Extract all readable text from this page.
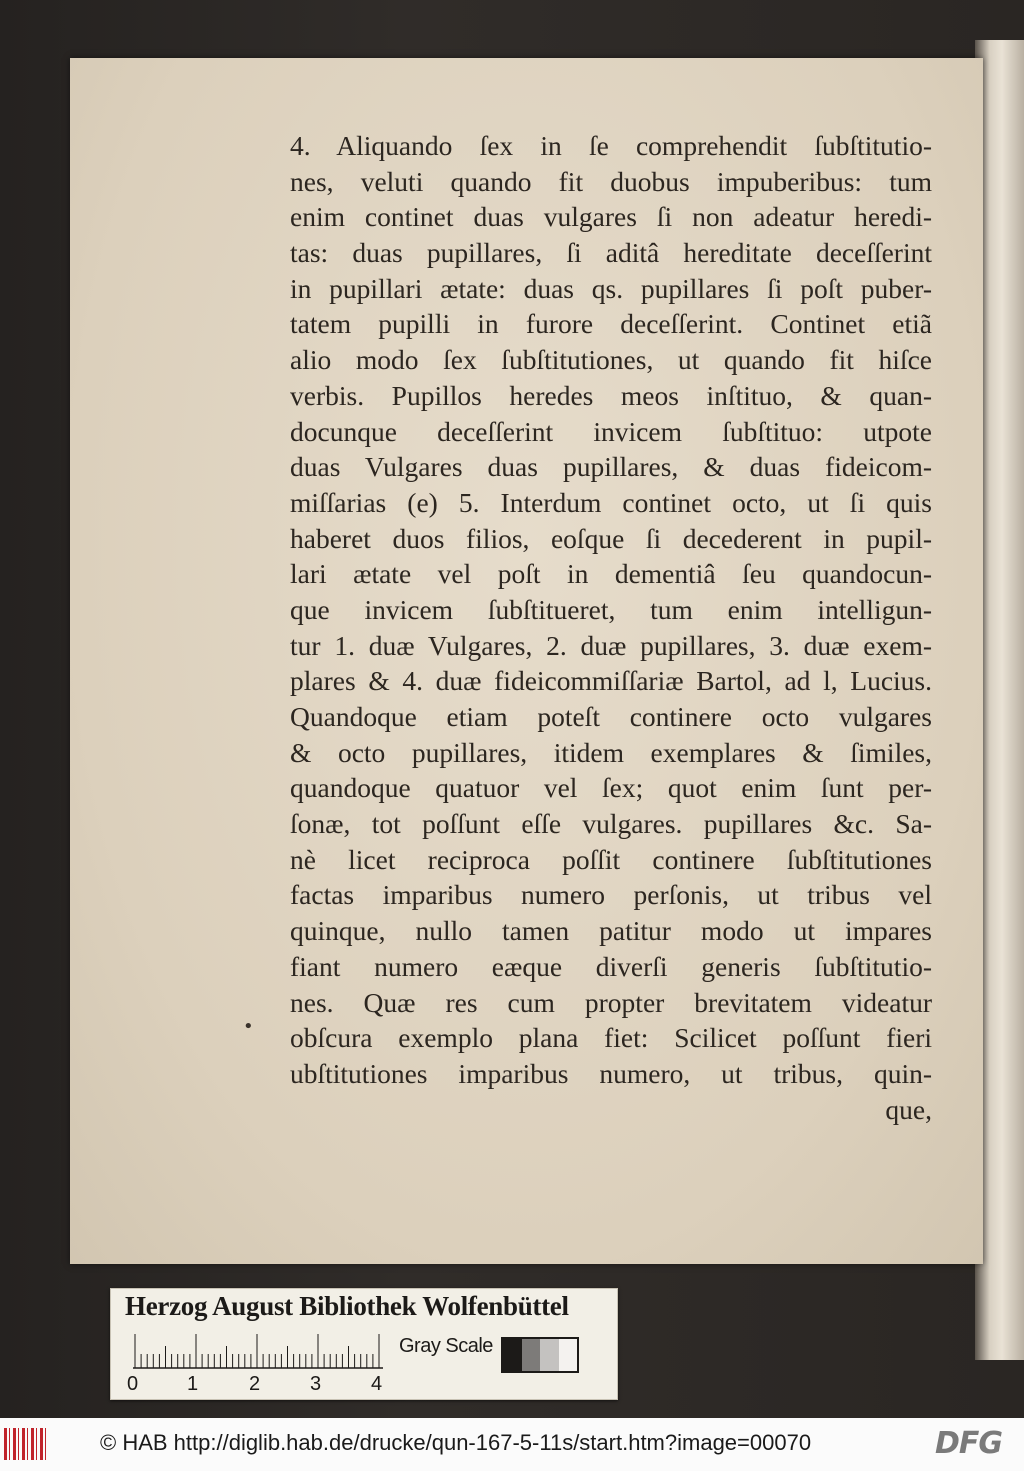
4. Aliquando ſex in ſe comprehendit ſubſtitutio-
nes, veluti quando fit duobus impuberibus: tum
enim continet duas vulgares ſi non adeatur heredi-
tas: duas pupillares, ſi aditâ hereditate deceſſerint
in pupillari ætate: duas qs. pupillares ſi poſt puber-
tatem pupilli in furore deceſſerint. Continet etiã
alio modo ſex ſubſtitutiones, ut quando fit hiſce
verbis. Pupillos heredes meos inſtituo, & quan-
docunque deceſſerint invicem ſubſtituo: utpote
duas Vulgares duas pupillares, & duas fideicom-
miſſarias (e) 5. Interdum continet octo, ut ſi quis
haberet duos filios, eoſque ſi decederent in pupil-
lari ætate vel poſt in dementiâ ſeu quandocun-
que invicem ſubſtitueret, tum enim intelligun-
tur 1. duæ Vulgares, 2. duæ pupillares, 3. duæ exem-
plares & 4. duæ fideicommiſſariæ Bartol, ad l, Lucius.
Quandoque etiam poteſt continere octo vulgares
& octo pupillares, itidem exemplares & ſimiles,
quandoque quatuor vel ſex; quot enim ſunt per-
ſonæ, tot poſſunt eſſe vulgares. pupillares &c. Sa-
nè licet reciproca poſſit continere ſubſtitutiones
factas imparibus numero perſonis, ut tribus vel
quinque, nullo tamen patitur modo ut impares
fiant numero eæque diverſi generis ſubſtitutio-
nes. Quæ res cum propter brevitatem videatur
obſcura exemplo plana fiet: Scilicet poſſunt fieri
ubſtitutiones imparibus numero, ut tribus, quin-
que,
•
Herzog August Bibliothek Wolfenbüttel
0 1	2 3 4
Gray Scale
© HAB http://diglib.hab.de/drucke/qun-167-5-11s/start.htm?image=00070	DFG
